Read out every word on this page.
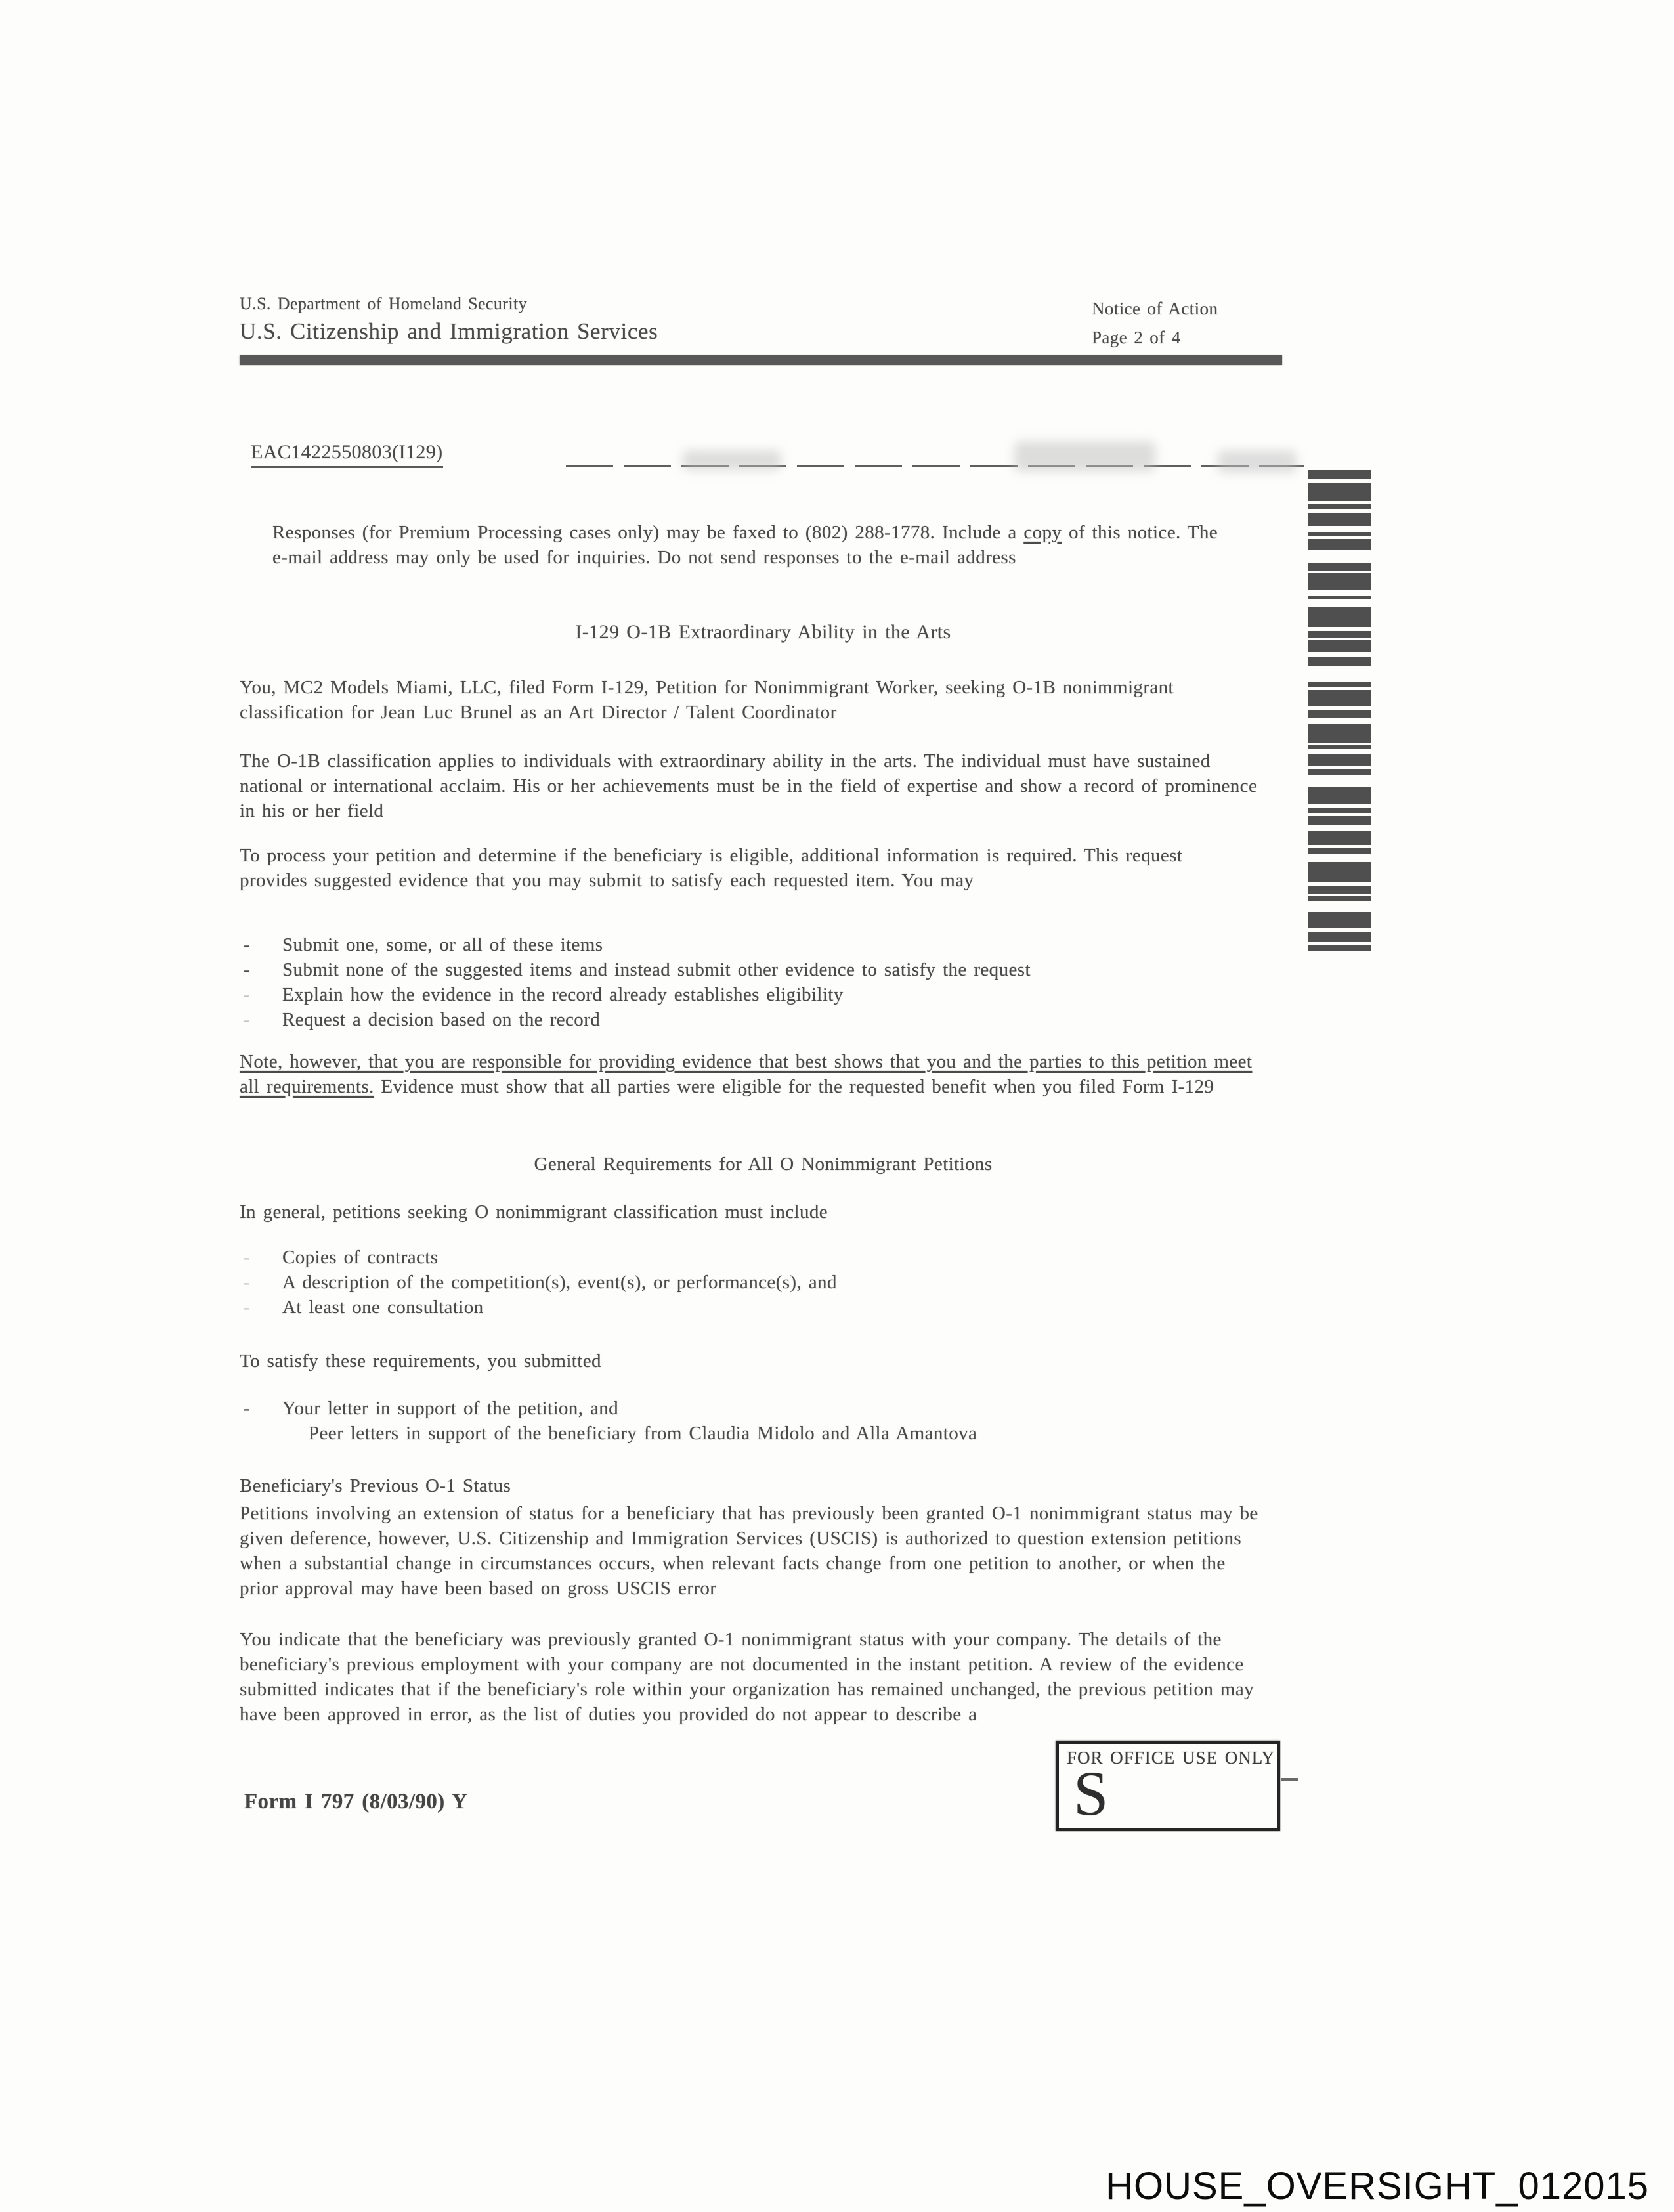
U.S. Department of Homeland Security
U.S. Citizenship and Immigration Services
Notice of Action
Page 2 of 4
EAC1422550803(I129)
Responses (for Premium Processing cases only) may be faxed to (802) 288-1778. Include a copy of this notice. The e-mail address may only be used for inquiries. Do not send responses to the e-mail address
I-129 O-1B Extraordinary Ability in the Arts
You, MC2 Models Miami, LLC, filed Form I-129, Petition for Nonimmigrant Worker, seeking O-1B nonimmigrant classification for Jean Luc Brunel as an Art Director / Talent Coordinator
The O-1B classification applies to individuals with extraordinary ability in the arts. The individual must have sustained national or international acclaim. His or her achievements must be in the field of expertise and show a record of prominence in his or her field
To process your petition and determine if the beneficiary is eligible, additional information is required. This request provides suggested evidence that you may submit to satisfy each requested item. You may
- Submit one, some, or all of these items
- Submit none of the suggested items and instead submit other evidence to satisfy the request
- Explain how the evidence in the record already establishes eligibility
- Request a decision based on the record
Note, however, that you are responsible for providing evidence that best shows that you and the parties to this petition meet all requirements. Evidence must show that all parties were eligible for the requested benefit when you filed Form I-129
General Requirements for All O Nonimmigrant Petitions
In general, petitions seeking O nonimmigrant classification must include
- Copies of contracts
- A description of the competition(s), event(s), or performance(s), and
- At least one consultation
To satisfy these requirements, you submitted
- Your letter in support of the petition, and
Peer letters in support of the beneficiary from Claudia Midolo and Alla Amantova
Beneficiary's Previous O-1 Status
Petitions involving an extension of status for a beneficiary that has previously been granted O-1 nonimmigrant status may be given deference, however, U.S. Citizenship and Immigration Services (USCIS) is authorized to question extension petitions when a substantial change in circumstances occurs, when relevant facts change from one petition to another, or when the prior approval may have been based on gross USCIS error
You indicate that the beneficiary was previously granted O-1 nonimmigrant status with your company. The details of the beneficiary's previous employment with your company are not documented in the instant petition. A review of the evidence submitted indicates that if the beneficiary's role within your organization has remained unchanged, the previous petition may have been approved in error, as the list of duties you provided do not appear to describe a
FOR OFFICE USE ONLY
S
Form I 797 (8/03/90) Y
HOUSE_OVERSIGHT_012015
